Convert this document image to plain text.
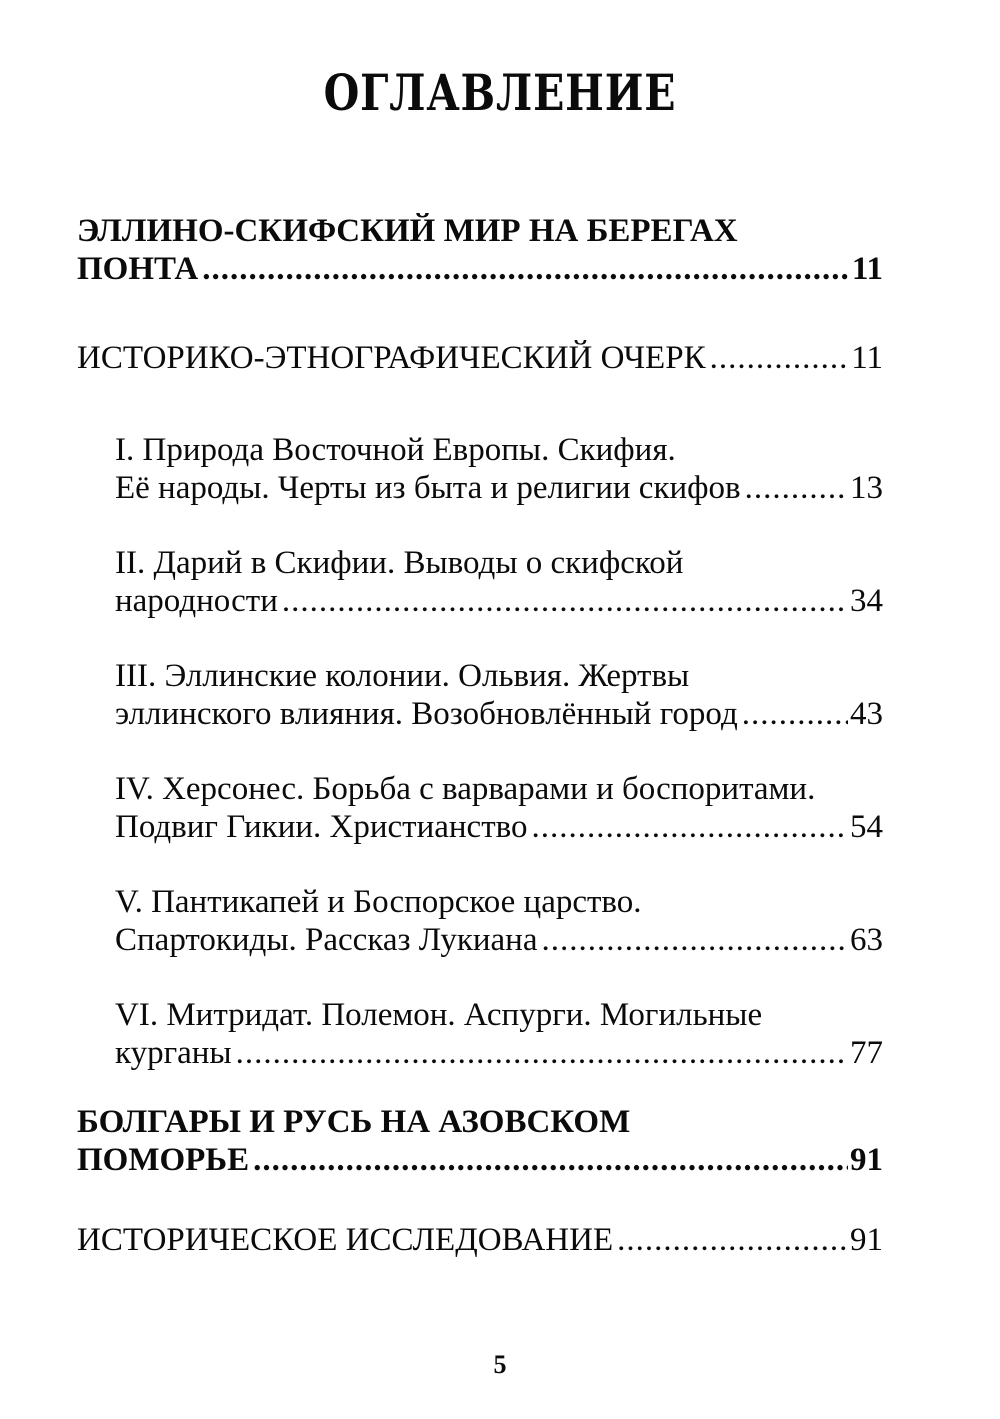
ОГЛАВЛЕНИЕ
ЭЛЛИНО-СКИФСКИЙ МИР НА БЕРЕГАХ
ПОНТА .....	11
ИСТОРИКО-ЭТНОГРАФИЧЕСКИЙ ОЧЕРК .....	11
I. Природа Восточной Европы. Скифия.
Её народы. Черты из быта и религии скифов .....	13
II. Дарий в Скифии. Выводы о скифской
народности .....	34
III. Эллинские колонии. Ольвия. Жертвы
эллинского влияния. Возобновлённый город .....	43
IV. Херсонес. Борьба с варварами и боспоритами.
Подвиг Гикии. Христианство .....	54
V. Пантикапей и Боспорское царство.
Спартокиды. Рассказ Лукиана .....	63
VI. Митридат. Полемон. Аспурги. Могильные
курганы .....	77
БОЛГАРЫ И РУСЬ НА АЗОВСКОМ
ПОМОРЬЕ .....	91
ИСТОРИЧЕСКОЕ ИССЛЕДОВАНИЕ .....	91
5
